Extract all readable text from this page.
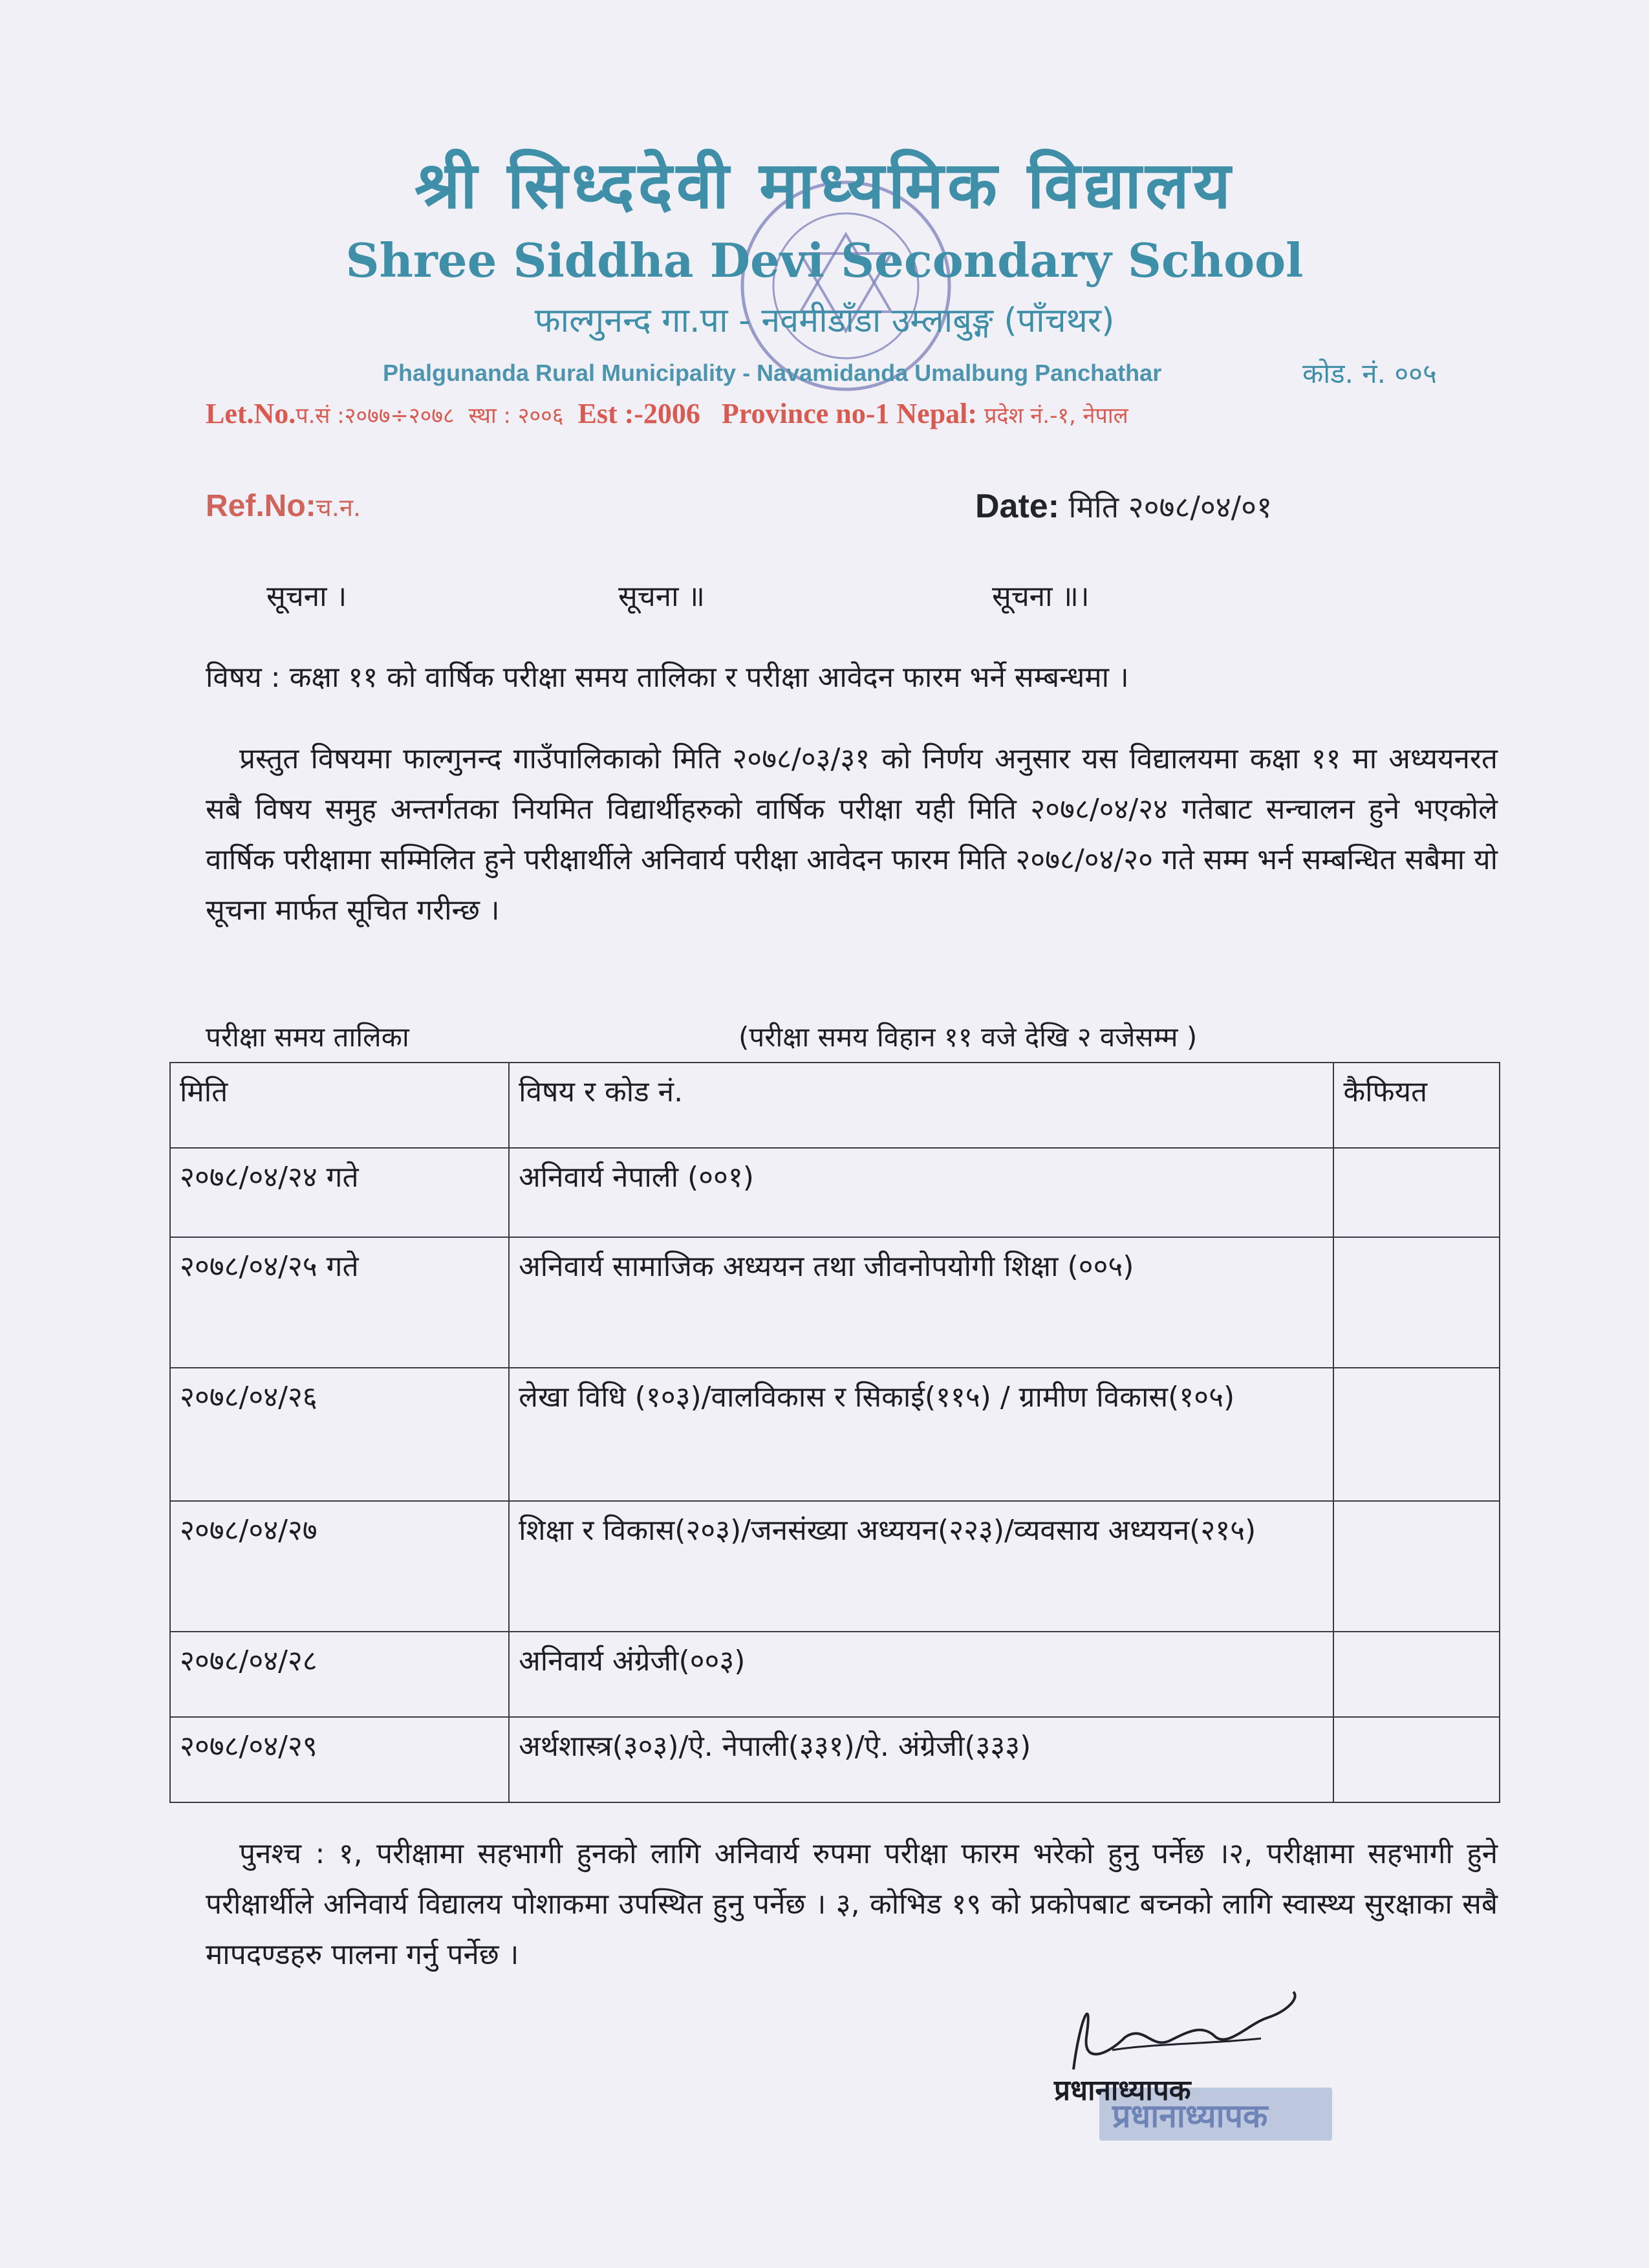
श्री सिध्ददेवी माध्यमिक विद्यालय
Shree Siddha Devi Secondary School
फाल्गुनन्द गा.पा - नवमीडाँडा उम्लाबुङ्ग (पाँचथर)
Phalgunanda Rural Municipality - Navamidanda Umalbung Panchathar	कोड. नं. ००५
Let.No.प.सं :२०७७÷२०७८ स्था : २००६ Est :-2006 Province no-1 Nepal: प्रदेश नं.-१, नेपाल
Ref.No:च.न.	Date: मिति २०७८/०४/०१
सूचना ।	सूचना ॥	सूचना ॥।
विषय : कक्षा ११ को वार्षिक परीक्षा समय तालिका र परीक्षा आवेदन फारम भर्ने सम्बन्धमा ।
प्रस्तुत विषयमा फाल्गुनन्द गाउँपालिकाको मिति २०७८/०३/३१ को निर्णय अनुसार यस विद्यालयमा कक्षा ११ मा अध्ययनरत सबै विषय समुह अन्तर्गतका नियमित विद्यार्थीहरुको वार्षिक परीक्षा यही मिति २०७८/०४/२४ गतेबाट सन्चालन हुने भएकोले वार्षिक परीक्षामा सम्मिलित हुने परीक्षार्थीले अनिवार्य परीक्षा आवेदन फारम मिति २०७८/०४/२० गते सम्म भर्न सम्बन्धित सबैमा यो सूचना मार्फत सूचित गरीन्छ ।
परीक्षा समय तालिका	(परीक्षा समय विहान ११ वजे देखि २ वजेसम्म )
मिति	विषय र कोड नं.	कैफियत
२०७८/०४/२४ गते	अनिवार्य नेपाली (००१)	
२०७८/०४/२५ गते	अनिवार्य सामाजिक अध्ययन तथा जीवनोपयोगी शिक्षा (००५)	
२०७८/०४/२६	लेखा विधि (१०३)/वालविकास र सिकाई(११५) / ग्रामीण विकास(१०५)	
२०७८/०४/२७	शिक्षा र विकास(२०३)/जनसंख्या अध्ययन(२२३)/व्यवसाय अध्ययन(२१५)	
२०७८/०४/२८	अनिवार्य अंग्रेजी(००३)	
२०७८/०४/२९	अर्थशास्त्र(३०३)/ऐ. नेपाली(३३१)/ऐ. अंग्रेजी(३३३)	
पुनश्च : १, परीक्षामा सहभागी हुनको लागि अनिवार्य रुपमा परीक्षा फारम भरेको हुनु पर्नेछ ।२, परीक्षामा सहभागी हुने परीक्षार्थीले अनिवार्य विद्यालय पोशाकमा उपस्थित हुनु पर्नेछ । ३, कोभिड १९ को प्रकोपबाट बच्नको लागि स्वास्थ्य सुरक्षाका सबै मापदण्डहरु पालना गर्नु पर्नेछ ।
प्रधानाध्यापक
प्रधानाध्यापक
